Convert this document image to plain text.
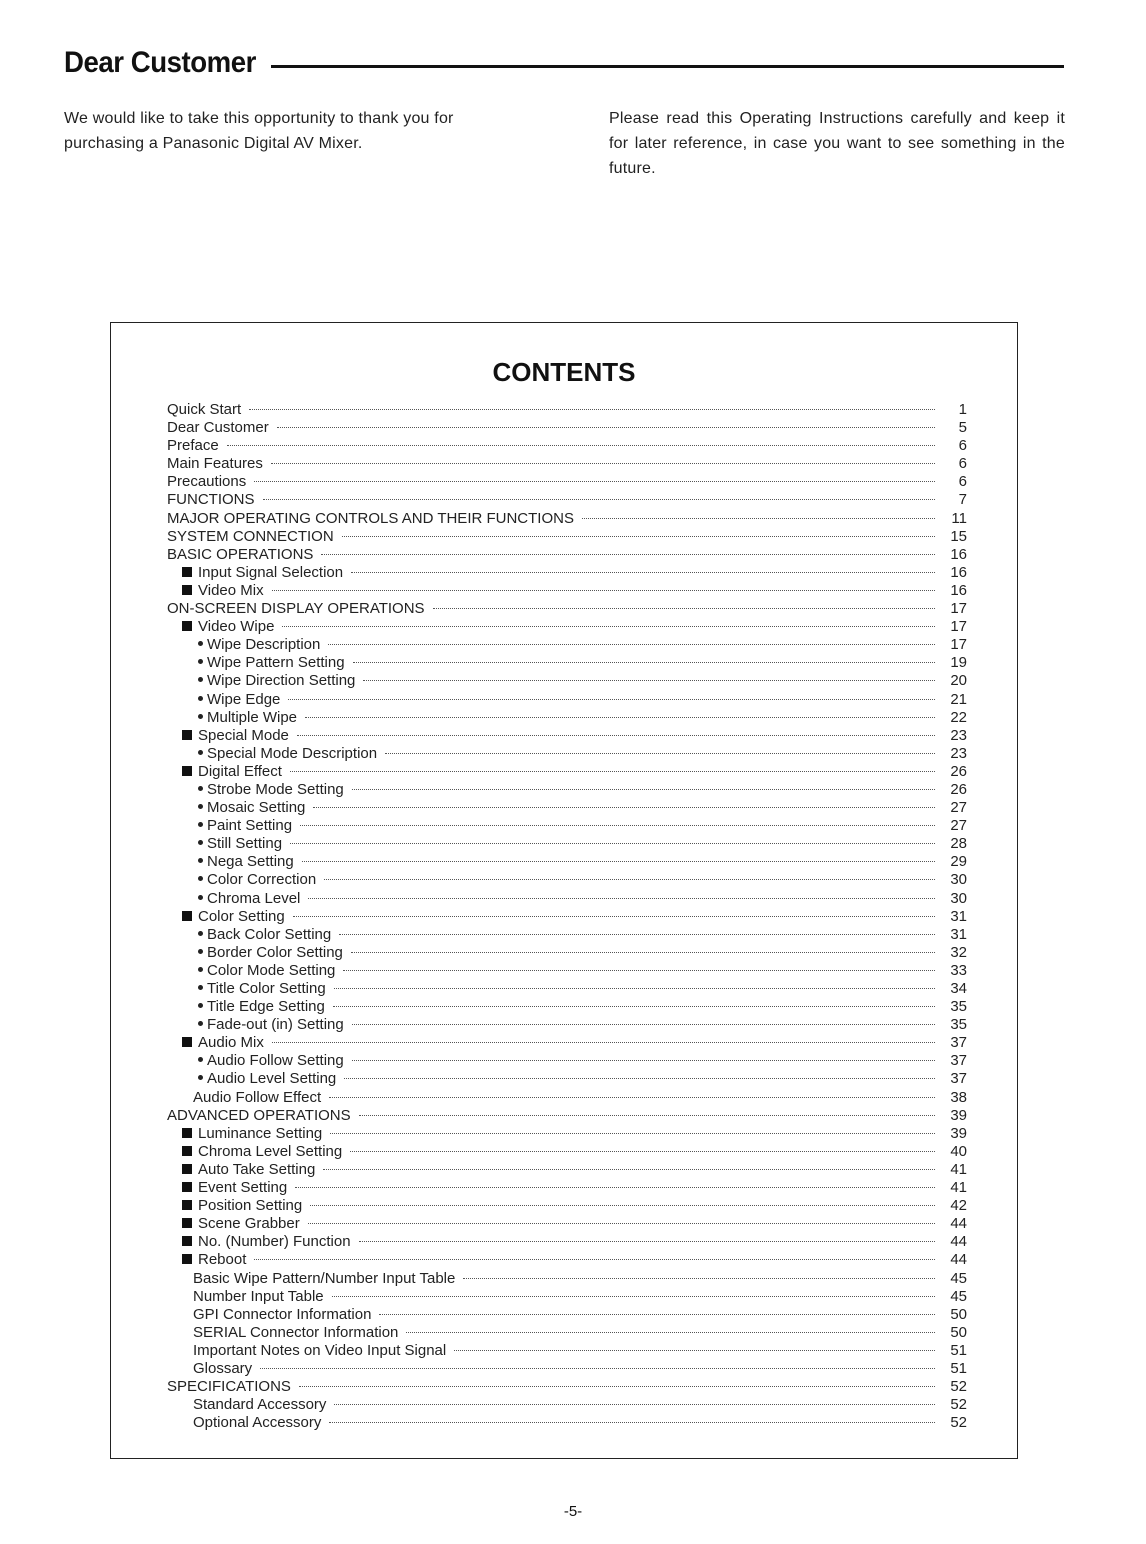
Dear Customer

We would like to take this opportunity to thank you for purchasing a Panasonic Digital AV Mixer.

Please read this Operating Instructions carefully and keep it for later reference, in case you want to see something in the future.

CONTENTS
Quick Start	1
Dear Customer	5
Preface	6
Main Features	6
Precautions	6
FUNCTIONS	7
MAJOR OPERATING CONTROLS AND THEIR FUNCTIONS	11
SYSTEM CONNECTION	15
BASIC OPERATIONS	16
Input Signal Selection	16
Video Mix	16
ON-SCREEN DISPLAY OPERATIONS	17
Video Wipe	17
Wipe Description	17
Wipe Pattern Setting	19
Wipe Direction Setting	20
Wipe Edge	21
Multiple Wipe	22
Special Mode	23
Special Mode Description	23
Digital Effect	26
Strobe Mode Setting	26
Mosaic Setting	27
Paint Setting	27
Still Setting	28
Nega Setting	29
Color Correction	30
Chroma Level	30
Color Setting	31
Back Color Setting	31
Border Color Setting	32
Color Mode Setting	33
Title Color Setting	34
Title Edge Setting	35
Fade-out (in) Setting	35
Audio Mix	37
Audio Follow Setting	37
Audio Level Setting	37
Audio Follow Effect	38
ADVANCED OPERATIONS	39
Luminance Setting	39
Chroma Level Setting	40
Auto Take Setting	41
Event Setting	41
Position Setting	42
Scene Grabber	44
No. (Number) Function	44
Reboot	44
Basic Wipe Pattern/Number Input Table	45
Number Input Table	45
GPI Connector Information	50
SERIAL Connector Information	50
Important Notes on Video Input Signal	51
Glossary	51
SPECIFICATIONS	52
Standard Accessory	52
Optional Accessory	52
-5-
